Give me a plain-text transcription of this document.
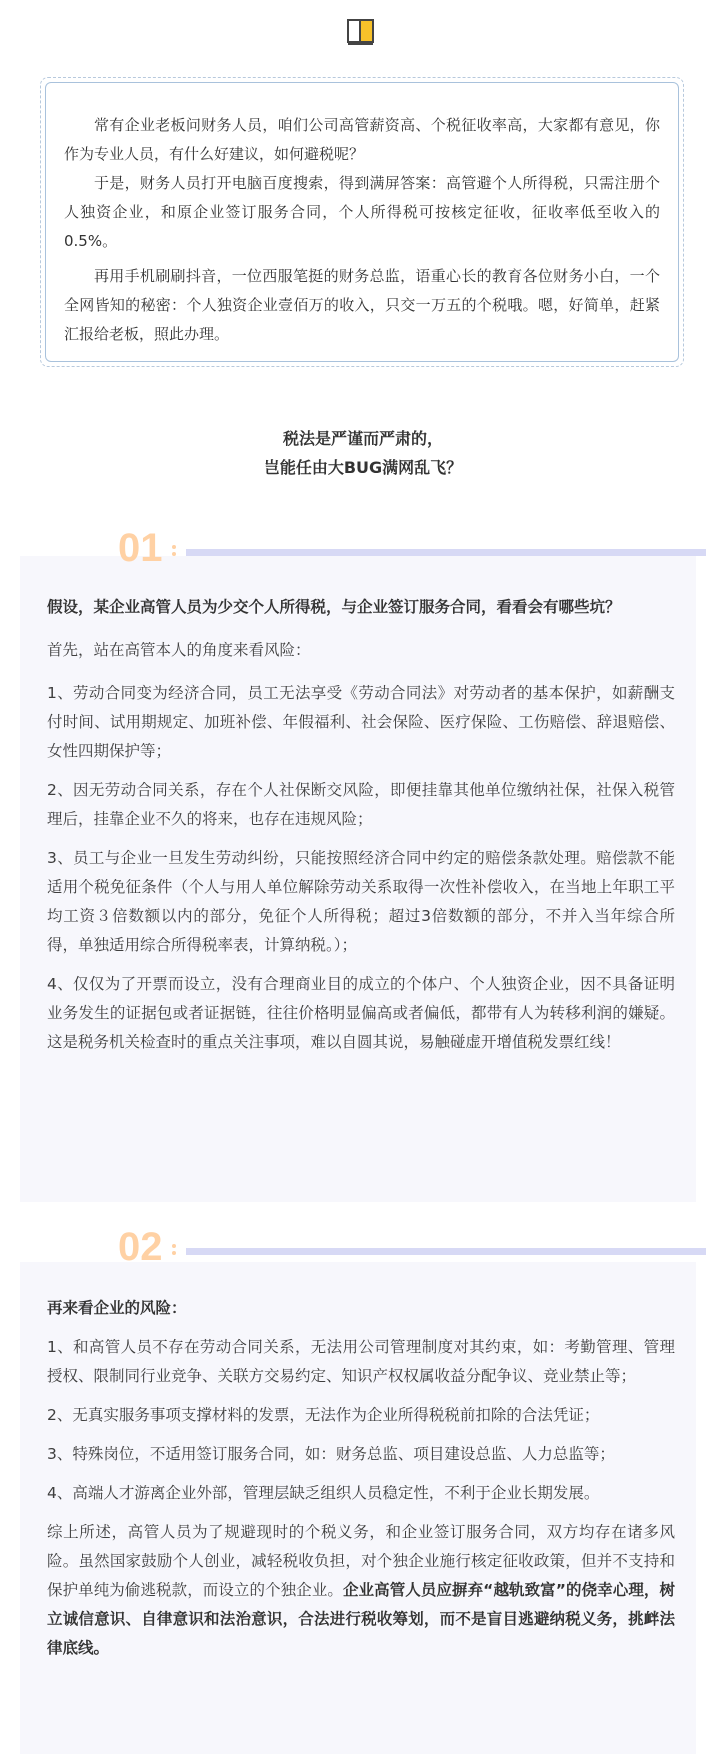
常有企业老板问财务人员，咱们公司高管薪资高、个税征收率高，大家都有意见，你作为专业人员，有什么好建议，如何避税呢？

于是，财务人员打开电脑百度搜索，得到满屏答案：高管避个人所得税，只需注册个人独资企业，和原企业签订服务合同，个人所得税可按核定征收，征收率低至收入的0.5%。

再用手机刷刷抖音，一位西服笔挺的财务总监，语重心长的教育各位财务小白，一个全网皆知的秘密：个人独资企业壹佰万的收入，只交一万五的个税哦。嗯，好简单，赶紧汇报给老板，照此办理。

税法是严谨而严肃的，
岂能任由大BUG满网乱飞？
01

假设，某企业高管人员为少交个人所得税，与企业签订服务合同，看看会有哪些坑？

首先，站在高管本人的角度来看风险：

1、劳动合同变为经济合同，员工无法享受《劳动合同法》对劳动者的基本保护，如薪酬支付时间、试用期规定、加班补偿、年假福利、社会保险、医疗保险、工伤赔偿、辞退赔偿、女性四期保护等；

2、因无劳动合同关系，存在个人社保断交风险，即便挂靠其他单位缴纳社保，社保入税管理后，挂靠企业不久的将来，也存在违规风险；

3、员工与企业一旦发生劳动纠纷，只能按照经济合同中约定的赔偿条款处理。赔偿款不能适用个税免征条件（个人与用人单位解除劳动关系取得一次性补偿收入，在当地上年职工平均工资３倍数额以内的部分，免征个人所得税；超过3倍数额的部分，不并入当年综合所得，单独适用综合所得税率表，计算纳税。）；

4、仅仅为了开票而设立，没有合理商业目的成立的个体户、个人独资企业，因不具备证明业务发生的证据包或者证据链，往往价格明显偏高或者偏低，都带有人为转移利润的嫌疑。这是税务机关检查时的重点关注事项，难以自圆其说，易触碰虚开增值税发票红线！

02

再来看企业的风险：

1、和高管人员不存在劳动合同关系，无法用公司管理制度对其约束，如：考勤管理、管理授权、限制同行业竞争、关联方交易约定、知识产权权属收益分配争议、竞业禁止等；

2、无真实服务事项支撑材料的发票，无法作为企业所得税税前扣除的合法凭证；

3、特殊岗位，不适用签订服务合同，如：财务总监、项目建设总监、人力总监等；

4、高端人才游离企业外部，管理层缺乏组织人员稳定性，不利于企业长期发展。

综上所述，高管人员为了规避现时的个税义务，和企业签订服务合同，双方均存在诸多风险。虽然国家鼓励个人创业，减轻税收负担，对个独企业施行核定征收政策，但并不支持和保护单纯为偷逃税款，而设立的个独企业。企业高管人员应摒弃“越轨致富”的侥幸心理，树立诚信意识、自律意识和法治意识，合法进行税收筹划，而不是盲目逃避纳税义务，挑衅法律底线。
